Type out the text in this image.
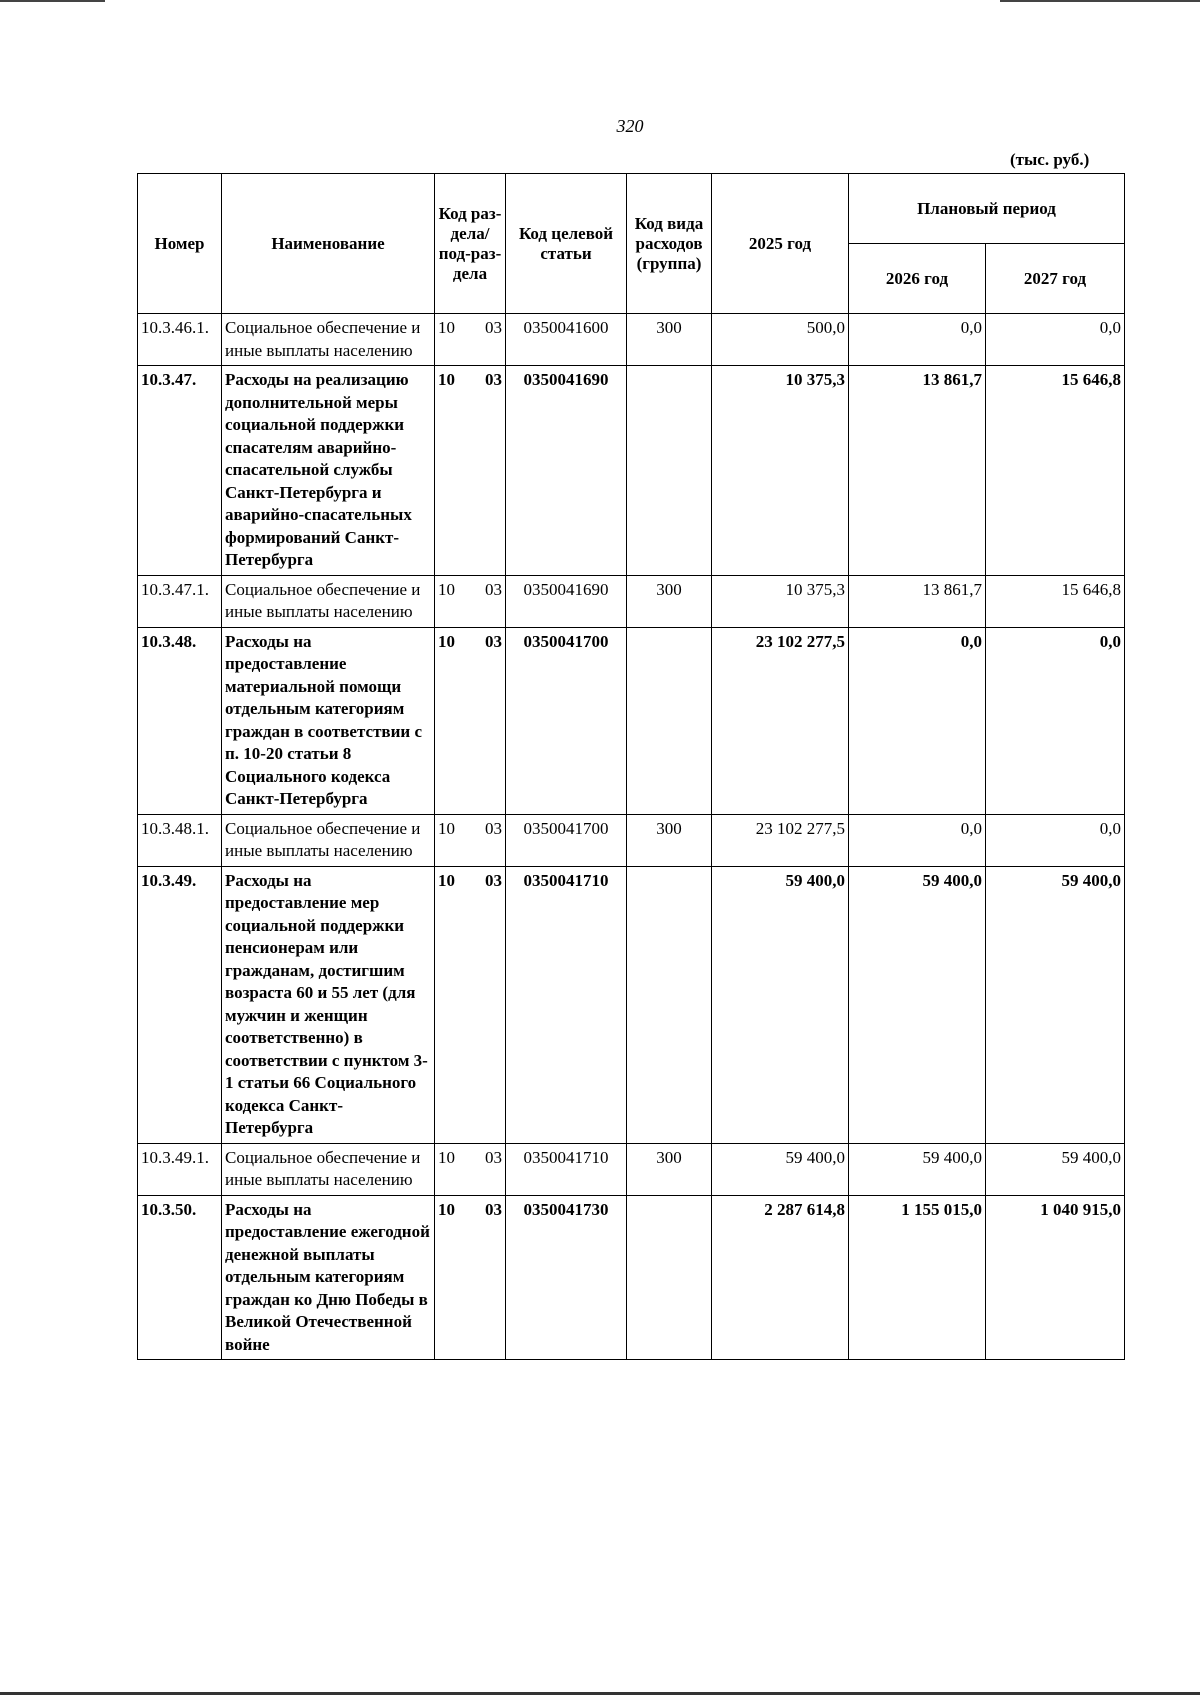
320
(тыс. руб.)
Номер	Наименование	Код раз-дела/ под-раз-дела	Код целевой статьи	Код вида расходов (группа)	2025 год	Плановый период	
						2026 год	2027 год
10.3.46.1.	Социальное обеспечение и иные выплаты населению	10 03	0350041600	300	500,0	0,0	0,0
10.3.47.	Расходы на реализацию дополнительной меры социальной поддержки спасателям аварийно-спасательной службы Санкт-Петербурга и аварийно-спасательных формирований Санкт-Петербурга	10 03	0350041690		10 375,3	13 861,7	15 646,8
10.3.47.1.	Социальное обеспечение и иные выплаты населению	10 03	0350041690	300	10 375,3	13 861,7	15 646,8
10.3.48.	Расходы на предоставление материальной помощи отдельным категориям граждан в соответствии с п. 10-20 статьи 8 Социального кодекса Санкт-Петербурга	10 03	0350041700		23 102 277,5	0,0	0,0
10.3.48.1.	Социальное обеспечение и иные выплаты населению	10 03	0350041700	300	23 102 277,5	0,0	0,0
10.3.49.	Расходы на предоставление мер социальной поддержки пенсионерам или гражданам, достигшим возраста 60 и 55 лет (для мужчин и женщин соответственно) в соответствии с пунктом 3-1 статьи 66 Социального кодекса Санкт-Петербурга	10 03	0350041710		59 400,0	59 400,0	59 400,0
10.3.49.1.	Социальное обеспечение и иные выплаты населению	10 03	0350041710	300	59 400,0	59 400,0	59 400,0
10.3.50.	Расходы на предоставление ежегодной денежной выплаты отдельным категориям граждан ко Дню Победы в Великой Отечественной войне	10 03	0350041730		2 287 614,8	1 155 015,0	1 040 915,0
